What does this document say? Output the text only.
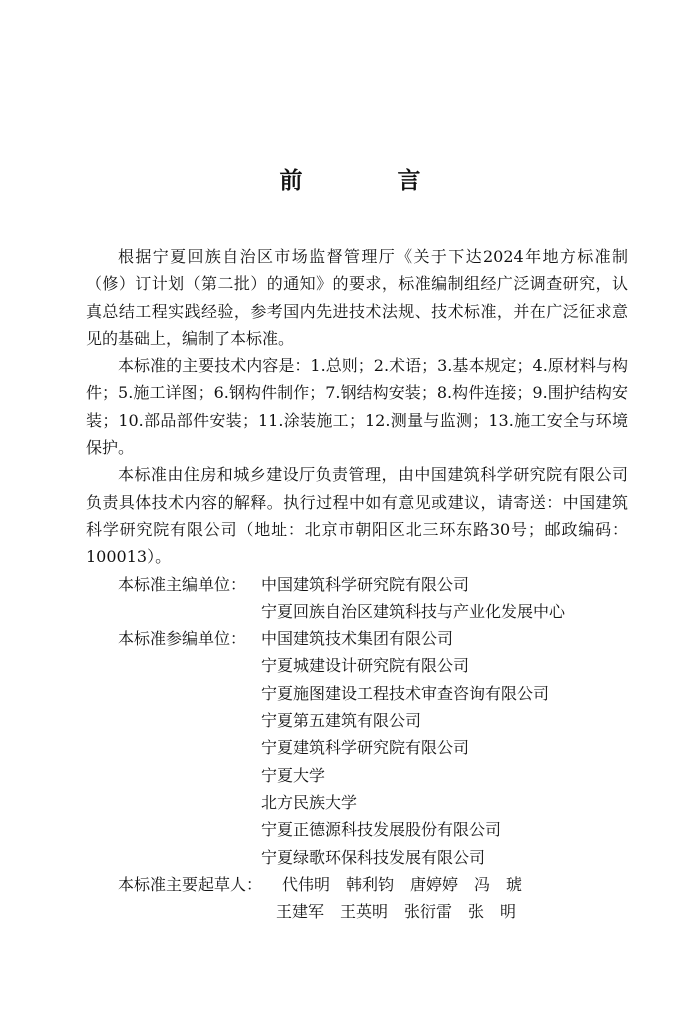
前　言

根据宁夏回族自治区市场监督管理厅《关于下达2024年地方标准制（修）订计划（第二批）的通知》的要求，标准编制组经广泛调查研究，认真总结工程实践经验，参考国内先进技术法规、技术标准，并在广泛征求意见的基础上，编制了本标准。

本标准的主要技术内容是：1.总则；2.术语；3.基本规定；4.原材料与构件；5.施工详图；6.钢构件制作；7.钢结构安装；8.构件连接；9.围护结构安装；10.部品部件安装；11.涂装施工；12.测量与监测；13.施工安全与环境保护。

本标准由住房和城乡建设厅负责管理，由中国建筑科学研究院有限公司负责具体技术内容的解释。执行过程中如有意见或建议，请寄送：中国建筑科学研究院有限公司（地址：北京市朝阳区北三环东路30号；邮政编码：100013）。

本标准主编单位： 中国建筑科学研究院有限公司
宁夏回族自治区建筑科技与产业化发展中心
本标准参编单位： 中国建筑技术集团有限公司
宁夏城建设计研究院有限公司
宁夏施图建设工程技术审查咨询有限公司
宁夏第五建筑有限公司
宁夏建筑科学研究院有限公司
宁夏大学
北方民族大学
宁夏正德源科技发展股份有限公司
宁夏绿歌环保科技发展有限公司
本标准主要起草人： 代伟明　韩利钧　唐婷婷　冯　琥
王建军　王英明　张衍雷　张　明
